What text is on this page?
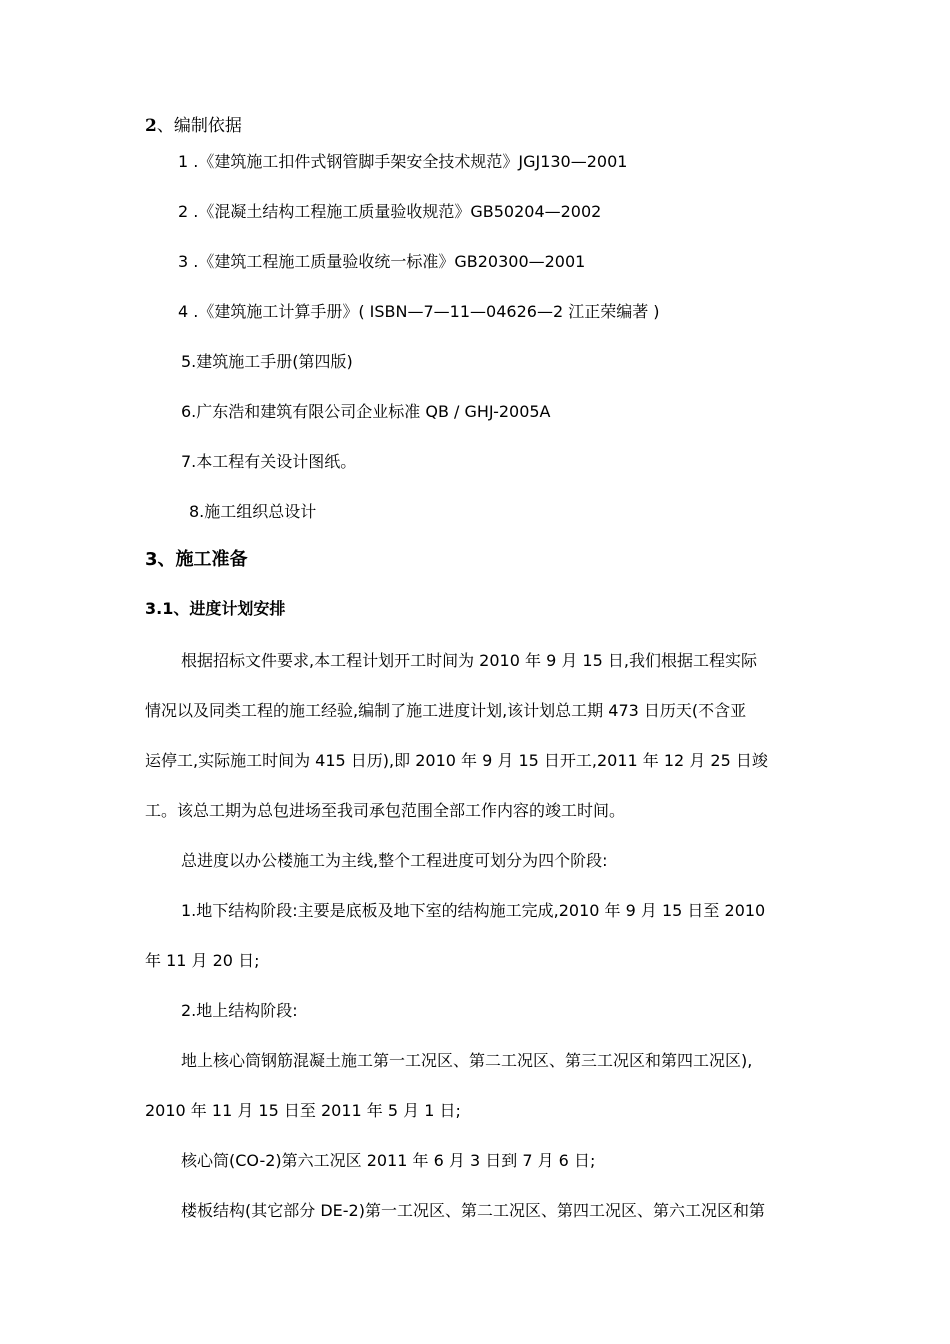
2、编制依据
1 .《建筑施工扣件式钢管脚手架安全技术规范》JGJ130—2001
2 .《混凝土结构工程施工质量验收规范》GB50204—2002
3 .《建筑工程施工质量验收统一标准》GB20300—2001
4 .《建筑施工计算手册》( ISBN—7—11—04626—2 江正荣编著 )
5.建筑施工手册(第四版)
6.广东浩和建筑有限公司企业标准 QB / GHJ-2005A
7.本工程有关设计图纸。
8.施工组织总设计
3、施工准备
3.1、进度计划安排
根据招标文件要求,本工程计划开工时间为 2010 年 9 月 15 日,我们根据工程实际
情况以及同类工程的施工经验,编制了施工进度计划,该计划总工期 473 日历天(不含亚
运停工,实际施工时间为 415 日历),即 2010 年 9 月 15 日开工,2011 年 12 月 25 日竣
工。该总工期为总包进场至我司承包范围全部工作内容的竣工时间。
总进度以办公楼施工为主线,整个工程进度可划分为四个阶段:
1.地下结构阶段:主要是底板及地下室的结构施工完成,2010 年 9 月 15 日至 2010
年 11 月 20 日;
2.地上结构阶段:
地上核心筒钢筋混凝土施工第一工况区、第二工况区、第三工况区和第四工况区),
2010 年 11 月 15 日至 2011 年 5 月 1 日;
核心筒(CO-2)第六工况区 2011 年 6 月 3 日到 7 月 6 日;
楼板结构(其它部分 DE-2)第一工况区、第二工况区、第四工况区、第六工况区和第
